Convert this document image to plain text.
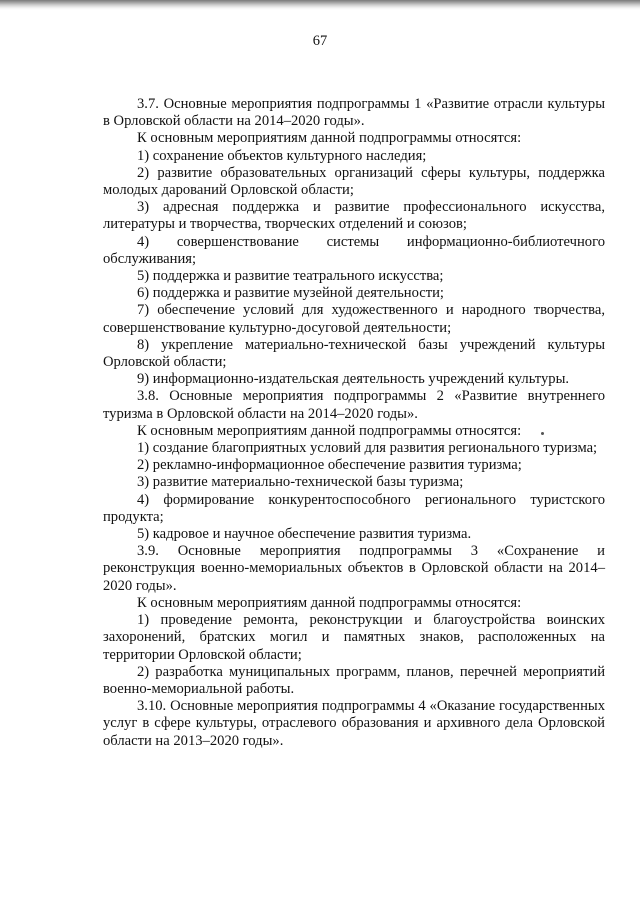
67

3.7. Основные мероприятия подпрограммы 1 «Развитие отрасли культуры в Орловской области на 2014–2020 годы».

К основным мероприятиям данной подпрограммы относятся:

1) сохранение объектов культурного наследия;

2) развитие образовательных организаций сферы культуры, поддержка молодых дарований Орловской области;

3) адресная поддержка и развитие профессионального искусства, литературы и творчества, творческих отделений и союзов;

4) совершенствование системы информационно-библиотечного обслуживания;

5) поддержка и развитие театрального искусства;

6) поддержка и развитие музейной деятельности;

7) обеспечение условий для художественного и народного творчества, совершенствование культурно-досуговой деятельности;

8) укрепление материально-технической базы учреждений культуры Орловской области;

9) информационно-издательская деятельность учреждений культуры.

3.8. Основные мероприятия подпрограммы 2 «Развитие внутреннего туризма в Орловской области на 2014–2020 годы».

К основным мероприятиям данной подпрограммы относятся:

1) создание благоприятных условий для развития регионального туризма;

2) рекламно-информационное обеспечение развития туризма;

3) развитие материально-технической базы туризма;

4) формирование конкурентоспособного регионального туристского продукта;

5) кадровое и научное обеспечение развития туризма.

3.9. Основные мероприятия подпрограммы 3 «Сохранение и реконструкция военно-мемориальных объектов в Орловской области на 2014–2020 годы».

К основным мероприятиям данной подпрограммы относятся:

1) проведение ремонта, реконструкции и благоустройства воинских захоронений, братских могил и памятных знаков, расположенных на территории Орловской области;

2) разработка муниципальных программ, планов, перечней мероприятий военно-мемориальной работы.

3.10. Основные мероприятия подпрограммы 4 «Оказание государственных услуг в сфере культуры, отраслевого образования и архивного дела Орловской области на 2013–2020 годы».
